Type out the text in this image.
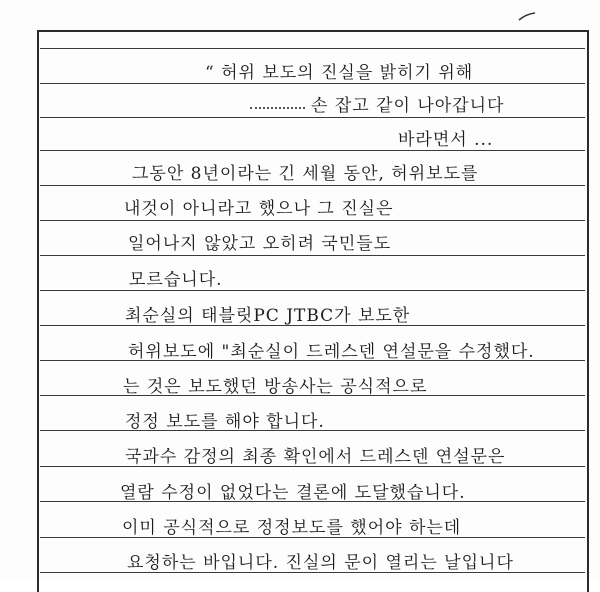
“ 허위 보도의 진실을 밝히기 위해
손 잡고 같이 나아갑니다
바라면서 ...
그동안 8년이라는 긴 세월 동안, 허위보도를
내것이 아니라고 했으나 그 진실은
일어나지 않았고 오히려 국민들도
모르습니다.
최순실의 태블릿PC JTBC가 보도한
허위보도에 "최순실이 드레스덴 연설문을 수정했다.
는 것은 보도했던 방송사는 공식적으로
정정 보도를 해야 합니다.
국과수 감정의 최종 확인에서 드레스덴 연설문은
열람 수정이 없었다는 결론에 도달했습니다.
이미 공식적으로 정정보도를 했어야 하는데
요청하는 바입니다. 진실의 문이 열리는 날입니다
